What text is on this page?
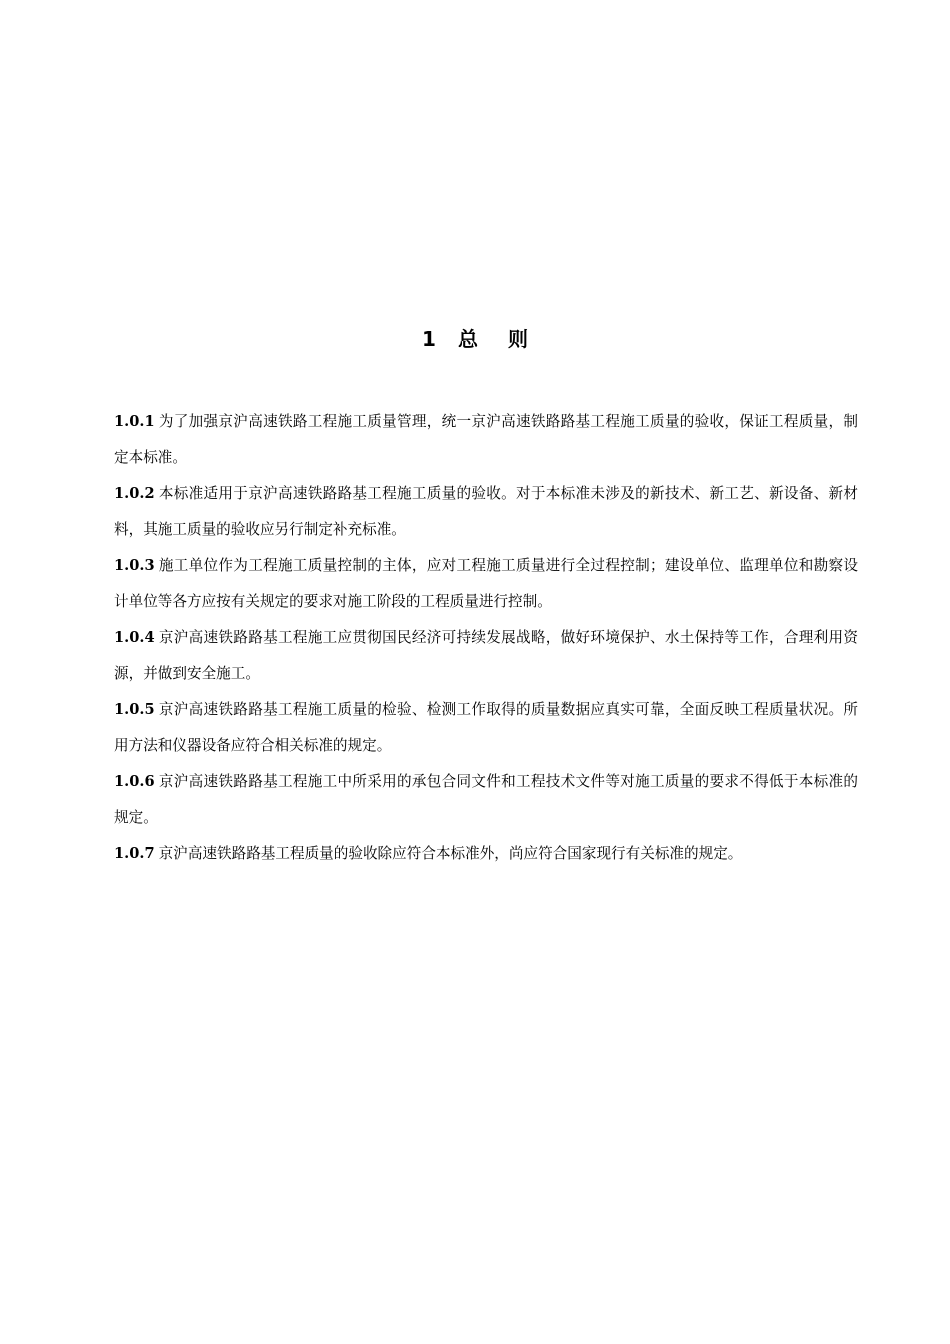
1 总 则

1.0.1 为了加强京沪高速铁路工程施工质量管理，统一京沪高速铁路路基工程施工质量的验收，保证工程质量，制定本标准。

1.0.2 本标准适用于京沪高速铁路路基工程施工质量的验收。对于本标准未涉及的新技术、新工艺、新设备、新材料，其施工质量的验收应另行制定补充标准。

1.0.3 施工单位作为工程施工质量控制的主体，应对工程施工质量进行全过程控制；建设单位、监理单位和勘察设计单位等各方应按有关规定的要求对施工阶段的工程质量进行控制。

1.0.4 京沪高速铁路路基工程施工应贯彻国民经济可持续发展战略，做好环境保护、水土保持等工作，合理利用资源，并做到安全施工。

1.0.5 京沪高速铁路路基工程施工质量的检验、检测工作取得的质量数据应真实可靠，全面反映工程质量状况。所用方法和仪器设备应符合相关标准的规定。

1.0.6 京沪高速铁路路基工程施工中所采用的承包合同文件和工程技术文件等对施工质量的要求不得低于本标准的规定。

1.0.7 京沪高速铁路路基工程质量的验收除应符合本标准外，尚应符合国家现行有关标准的规定。
